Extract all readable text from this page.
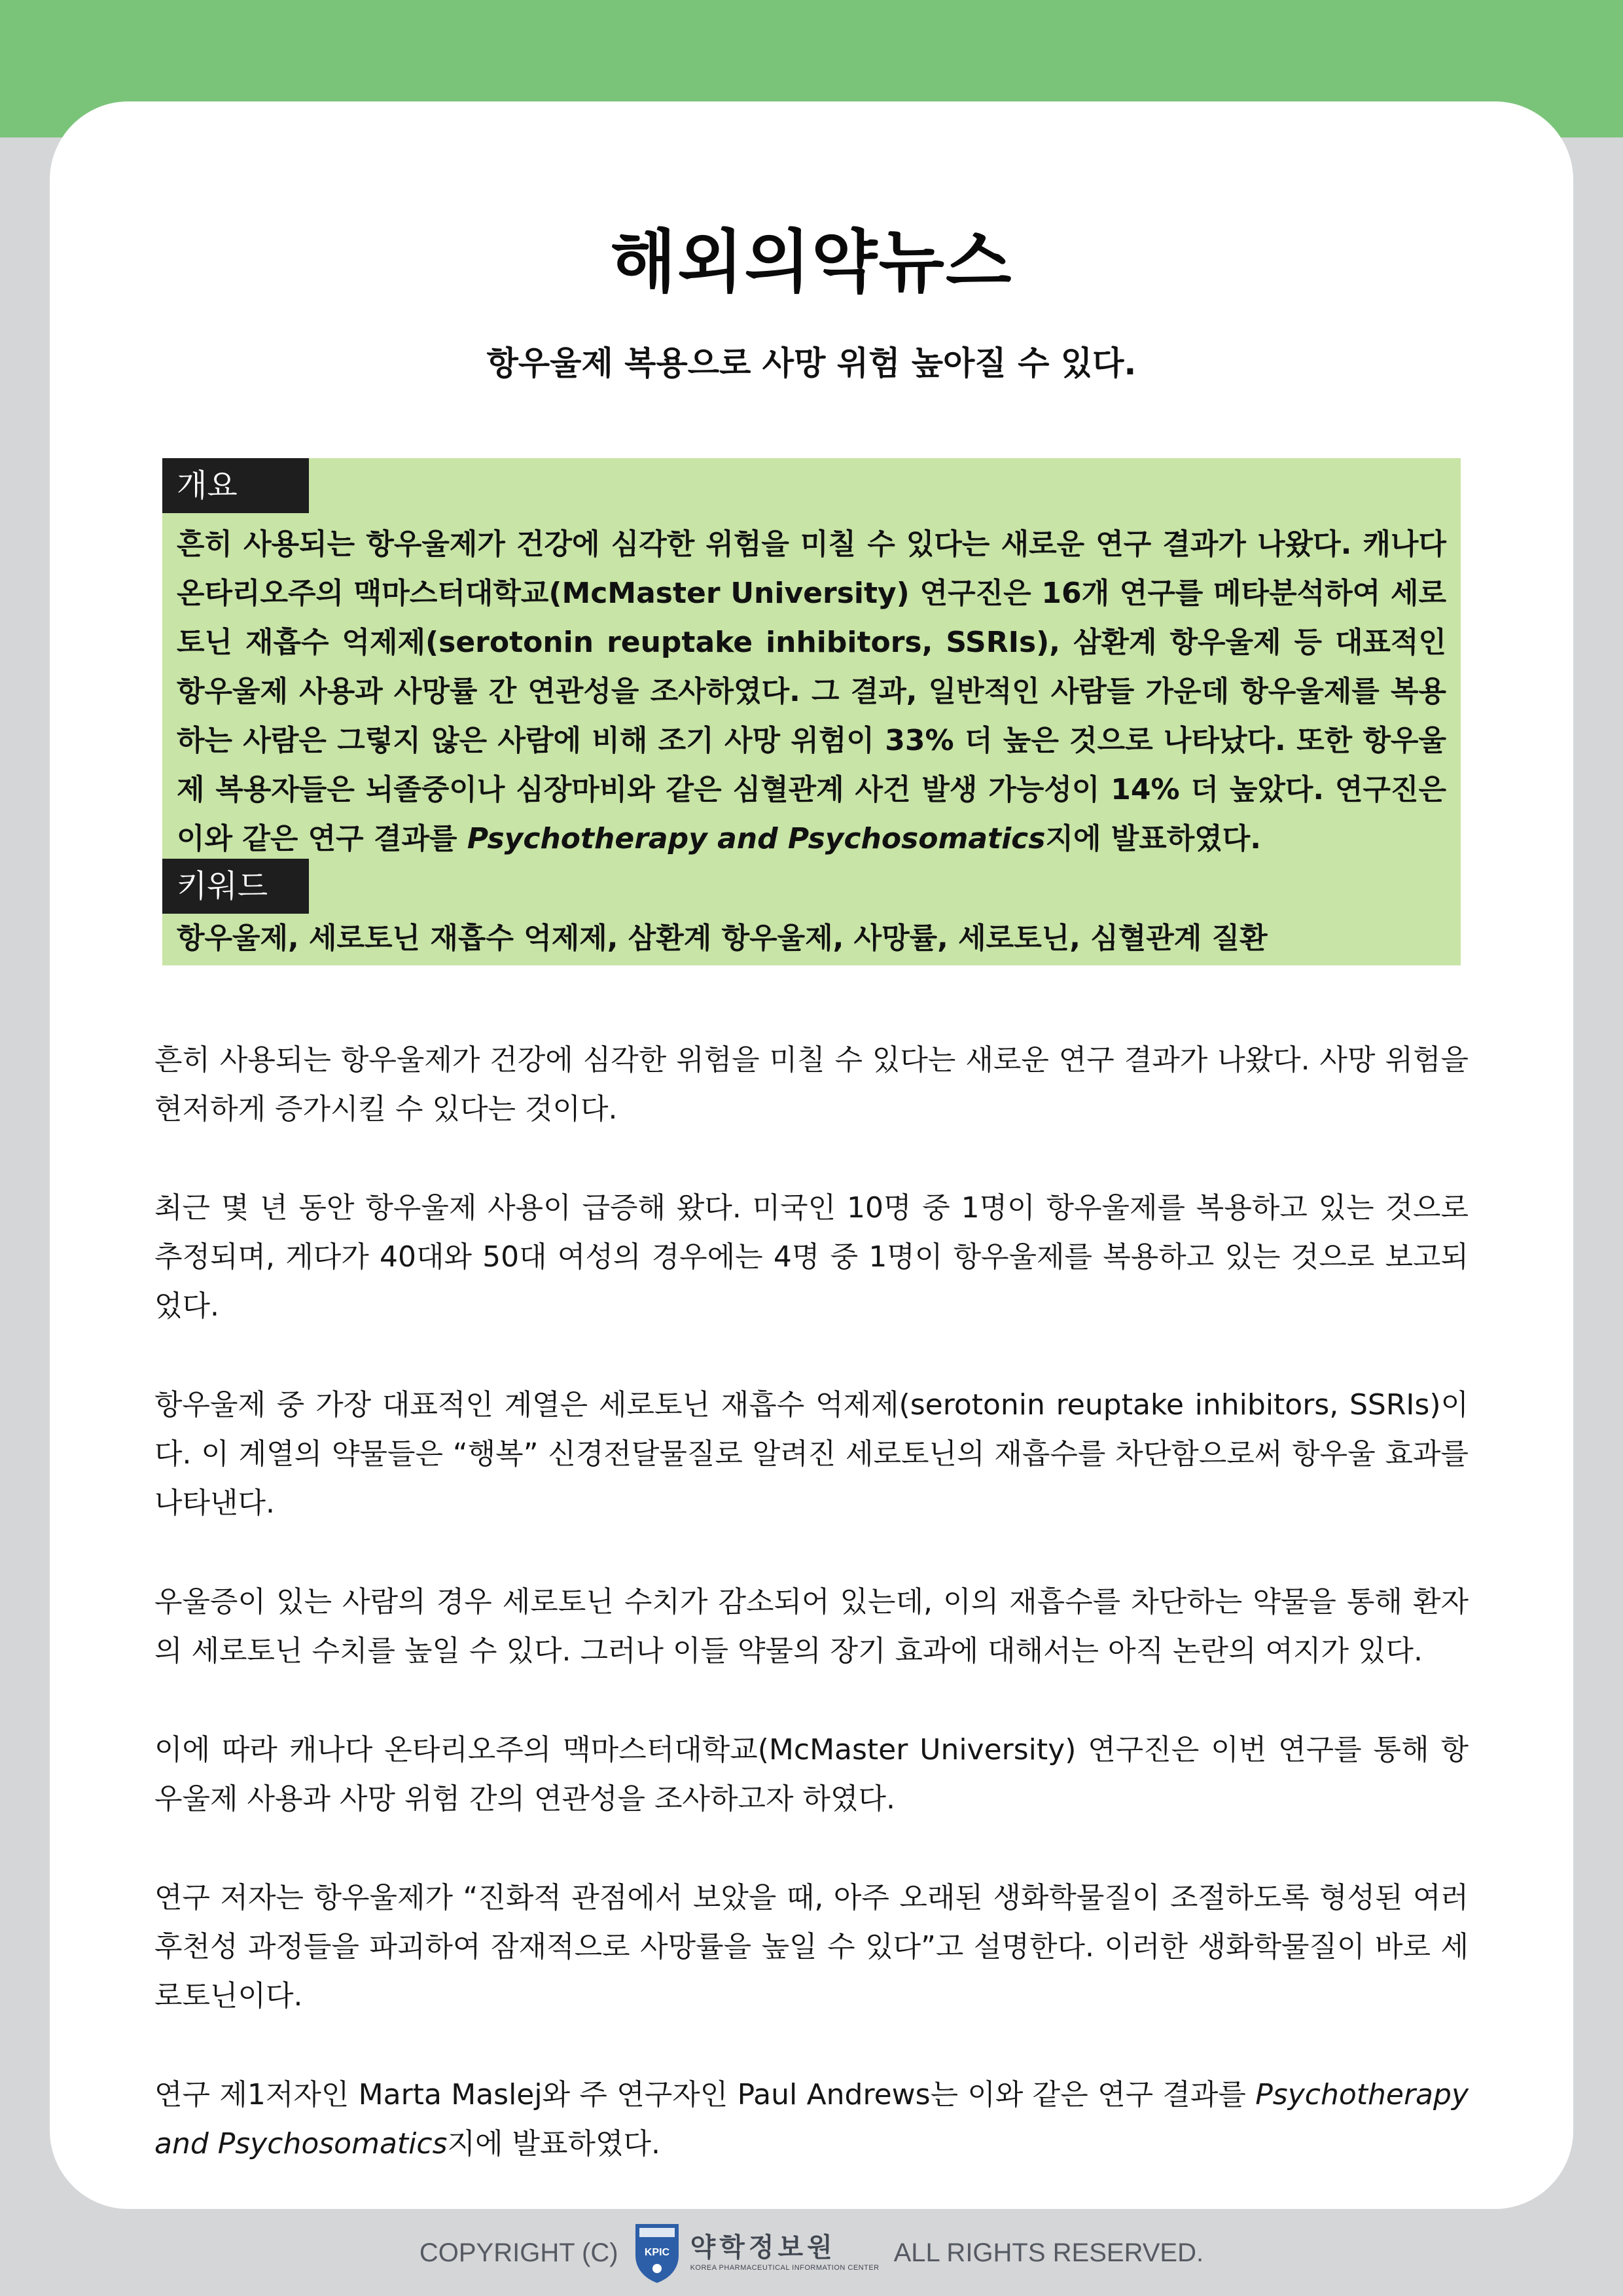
해외의약뉴스
항우울제 복용으로 사망 위험 높아질 수 있다.
개요

흔히 사용되는 항우울제가 건강에 심각한 위험을 미칠 수 있다는 새로운 연구 결과가 나왔다. 캐나다 온타리오주의 맥마스터대학교(McMaster University) 연구진은 16개 연구를 메타분석하여 세로토닌 재흡수 억제제(serotonin reuptake inhibitors, SSRIs), 삼환계 항우울제 등 대표적인 항우울제 사용과 사망률 간 연관성을 조사하였다. 그 결과, 일반적인 사람들 가운데 항우울제를 복용하는 사람은 그렇지 않은 사람에 비해 조기 사망 위험이 33% 더 높은 것으로 나타났다. 또한 항우울제 복용자들은 뇌졸중이나 심장마비와 같은 심혈관계 사건 발생 가능성이 14% 더 높았다. 연구진은 이와 같은 연구 결과를 Psychotherapy and Psychosomatics지에 발표하였다.

키워드

항우울제, 세로토닌 재흡수 억제제, 삼환계 항우울제, 사망률, 세로토닌, 심혈관계 질환

흔히 사용되는 항우울제가 건강에 심각한 위험을 미칠 수 있다는 새로운 연구 결과가 나왔다. 사망 위험을 현저하게 증가시킬 수 있다는 것이다.

최근 몇 년 동안 항우울제 사용이 급증해 왔다. 미국인 10명 중 1명이 항우울제를 복용하고 있는 것으로 추정되며, 게다가 40대와 50대 여성의 경우에는 4명 중 1명이 항우울제를 복용하고 있는 것으로 보고되었다.

항우울제 중 가장 대표적인 계열은 세로토닌 재흡수 억제제(serotonin reuptake inhibitors, SSRIs)이다. 이 계열의 약물들은 “행복” 신경전달물질로 알려진 세로토닌의 재흡수를 차단함으로써 항우울 효과를 나타낸다.

우울증이 있는 사람의 경우 세로토닌 수치가 감소되어 있는데, 이의 재흡수를 차단하는 약물을 통해 환자의 세로토닌 수치를 높일 수 있다. 그러나 이들 약물의 장기 효과에 대해서는 아직 논란의 여지가 있다.

이에 따라 캐나다 온타리오주의 맥마스터대학교(McMaster University) 연구진은 이번 연구를 통해 항우울제 사용과 사망 위험 간의 연관성을 조사하고자 하였다.

연구 저자는 항우울제가 “진화적 관점에서 보았을 때, 아주 오래된 생화학물질이 조절하도록 형성된 여러 후천성 과정들을 파괴하여 잠재적으로 사망률을 높일 수 있다”고 설명한다. 이러한 생화학물질이 바로 세로토닌이다.

연구 제1저자인 Marta Maslej와 주 연구자인 Paul Andrews는 이와 같은 연구 결과를 Psychotherapy and Psychosomatics지에 발표하였다.

COPYRIGHT (C) KPIC 약학정보원
KOREA PHARMACEUTICAL INFORMATION CENTER
ALL RIGHTS RESERVED.
